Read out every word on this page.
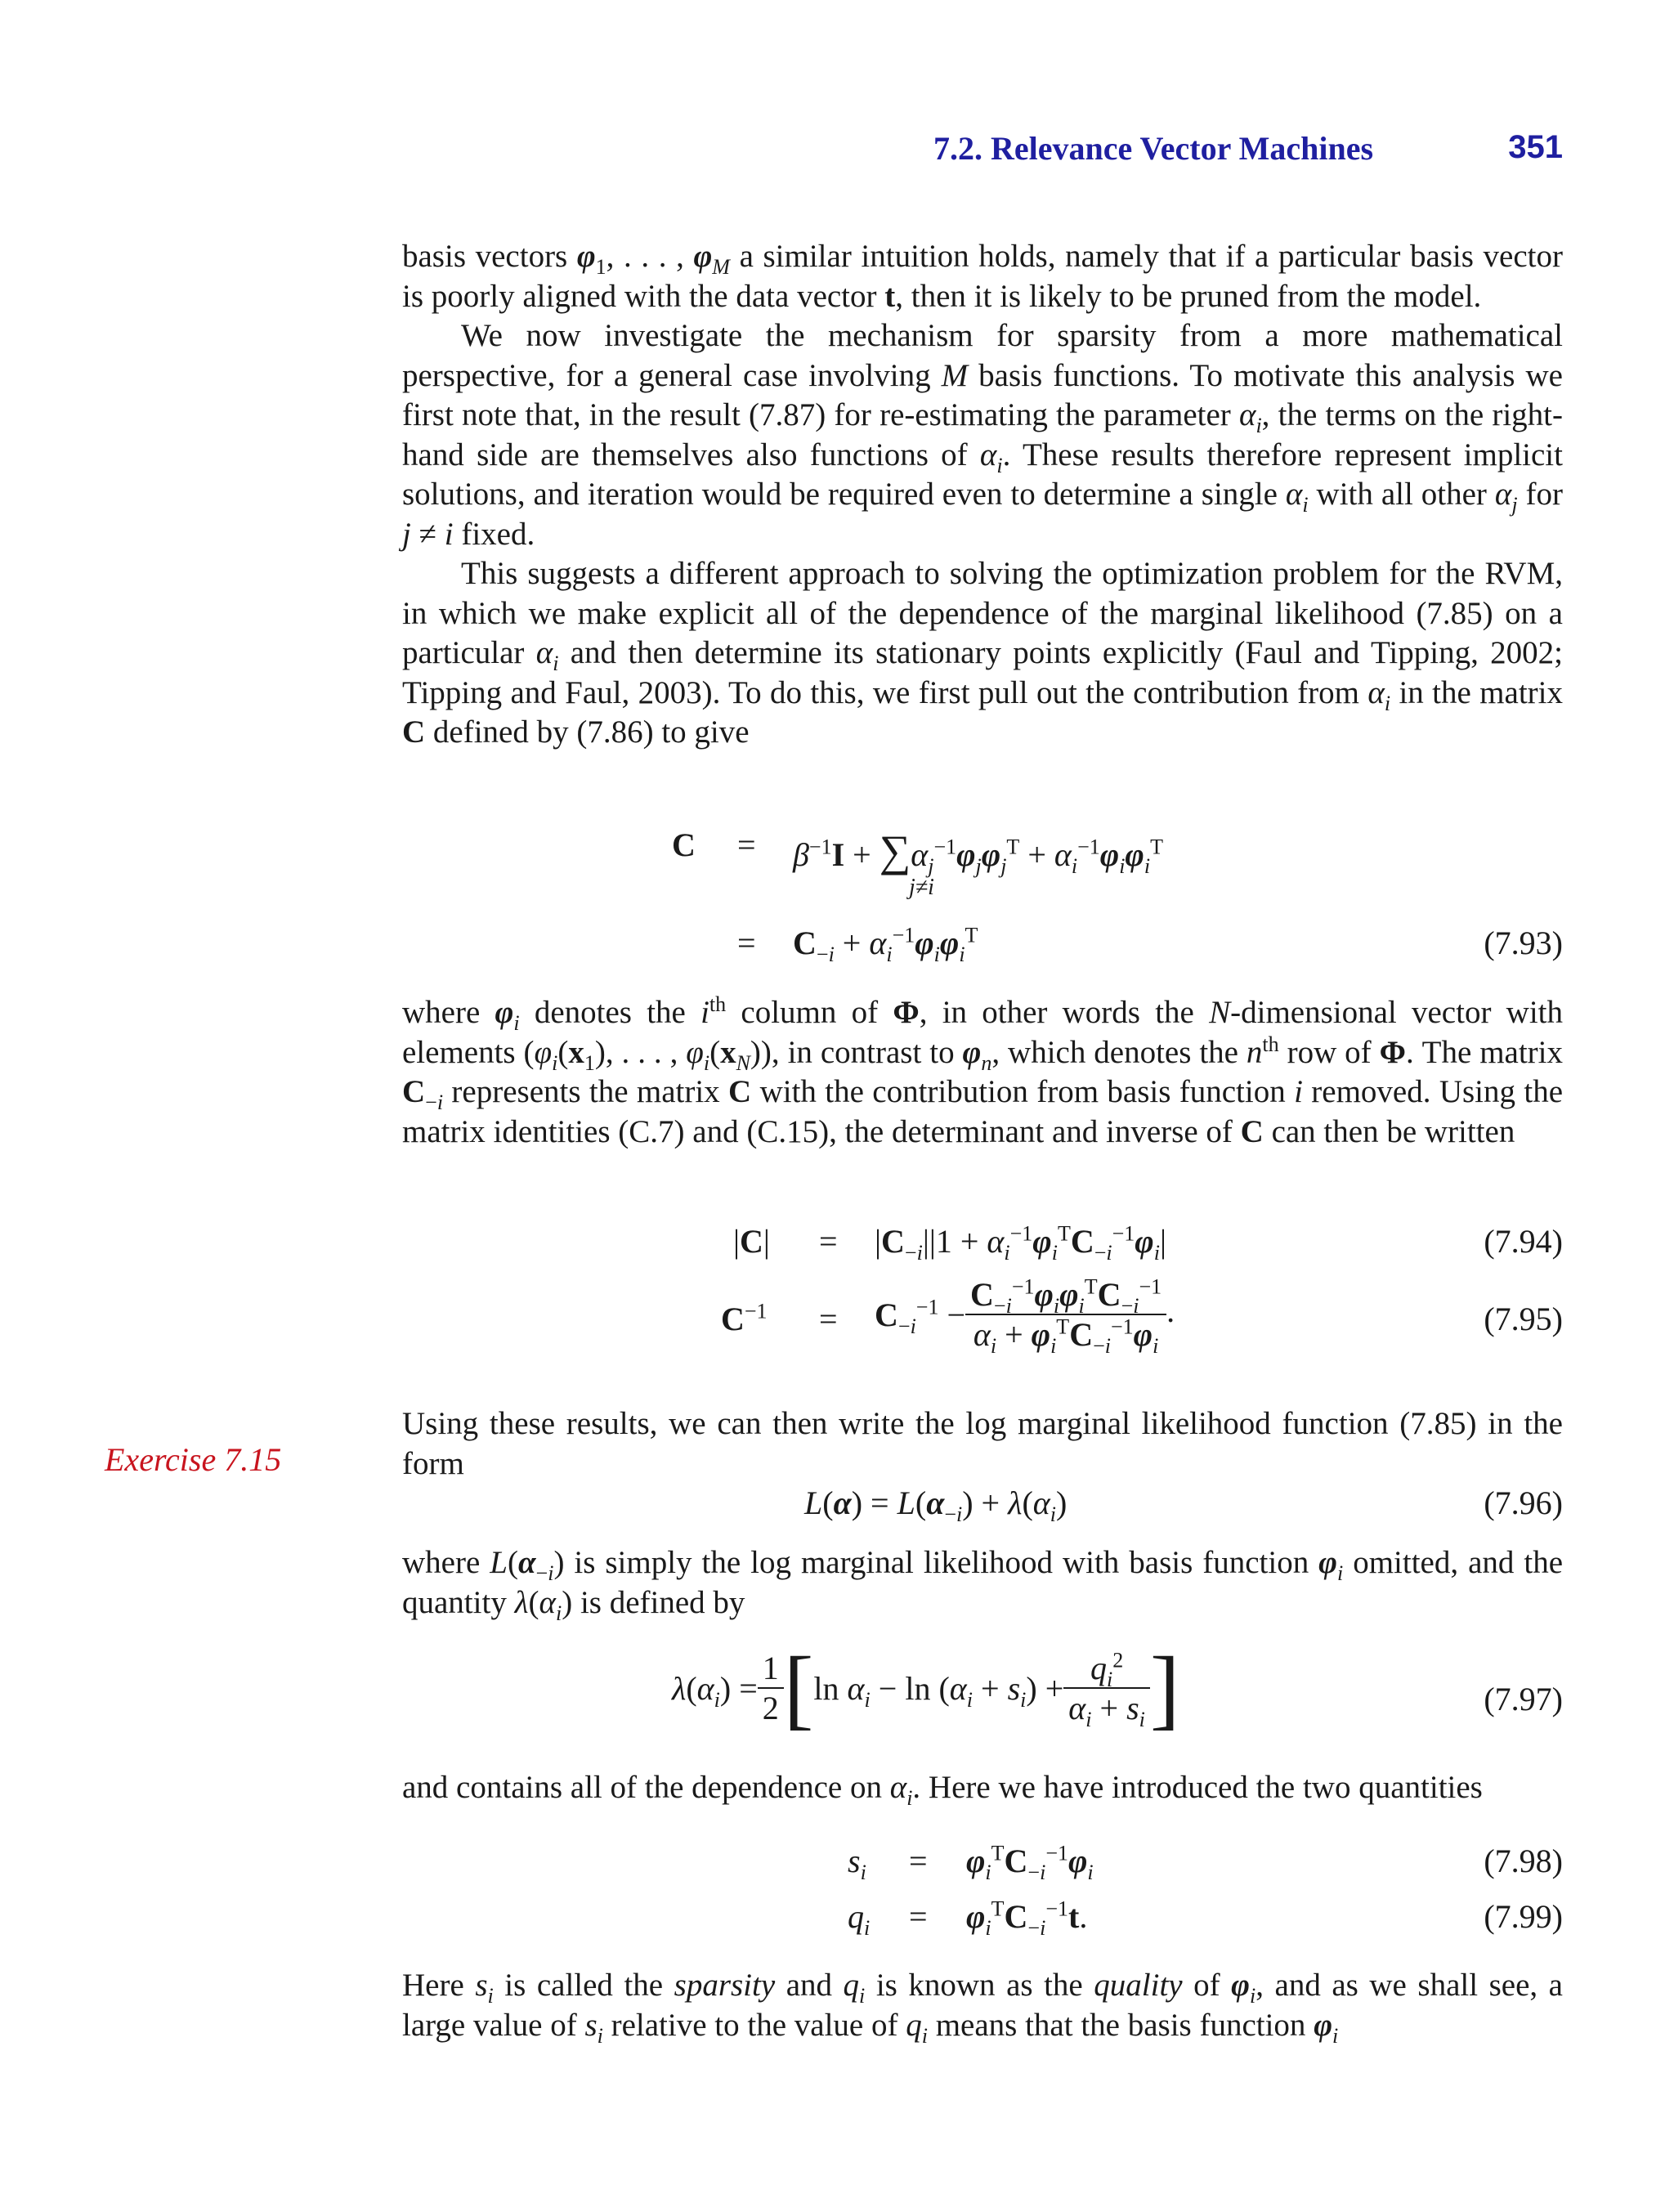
7.2. Relevance Vector Machines	351
Exercise 7.15

basis vectors $\varphi_1$, . . . , $\varphi_M$ a similar intuition holds, namely that if a particular basis vector is poorly aligned with the data vector t, then it is likely to be pruned from the model.

We now investigate the mechanism for sparsity from a more mathematical perspective, for a general case involving M basis functions. To motivate this analysis we first note that, in the result (7.87) for re-estimating the parameter $\alpha_i$, the terms on the right-hand side are themselves also functions of $\alpha_i$. These results therefore represent implicit solutions, and iteration would be required even to determine a single $\alpha_i$ with all other $\alpha_j$ for j ≠ i fixed.

This suggests a different approach to solving the optimization problem for the RVM, in which we make explicit all of the dependence of the marginal likelihood (7.85) on a particular $\alpha_i$ and then determine its stationary points explicitly (Faul and Tipping, 2002; Tipping and Faul, 2003). To do this, we first pull out the contribution from $\alpha_i$ in the matrix C defined by (7.86) to give

$C = \beta^{-1}I + \sum\alpha_j^{-1}\varphi_j\varphi_j^T + \alpha_i^{-1}\varphi_i\varphi_i^T$
j≠i
= $C_{-i} + \alpha_i^{-1}\varphi_i\varphi_i^T$	(7.93)

where $\varphi_i$ denotes the $i^{th}$ column of Φ, in other words the N-dimensional vector with elements ($\varphi_i(x_1)$, . . . , $\varphi_i(x_N)$), in contrast to $\varphi_n$, which denotes the $n^{th}$ row of Φ. The matrix $C_{-i}$ represents the matrix C with the contribution from basis function i removed. Using the matrix identities (C.7) and (C.15), the determinant and inverse of C can then be written

$|C| = |C_{-i}||1 + \alpha_i^{-1}\varphi_i^TC_{-i}^{-1}\varphi_i|$	(7.94)
$C^{-1} = C_{-i}^{-1} - \frac{C_{-i}^{-1}\varphi_i\varphi_i^TC_{-i}^{-1}}{\alpha_i + \varphi_i^TC_{-i}^{-1}\varphi_i}$ .	(7.95)

Using these results, we can then write the log marginal likelihood function (7.85) in the form

$L(\alpha) = L(\alpha_{-i}) + \lambda(\alpha_i)$	(7.96)

where $L(\alpha_{-i})$ is simply the log marginal likelihood with basis function $\varphi_i$ omitted, and the quantity $\lambda(\alpha_i)$ is defined by

$\lambda(\alpha_i) = \frac{1}{2} [\ln$ $\alpha_i - \ln (\alpha_i + s_i) + \frac{q_i^2}{\alpha_i + s_i}$ ]	(7.97)

and contains all of the dependence on $\alpha_i$. Here we have introduced the two quantities

$s_i = \varphi_i^TC_{-i}^{-1}\varphi_i$	(7.98)
$q_i = \varphi_i^TC_{-i}^{-1}t$.	(7.99)

Here $s_i$ is called the sparsity and $q_i$ is known as the quality of $\varphi_i$, and as we shall see, a large value of $s_i$ relative to the value of $q_i$ means that the basis function $\varphi_i$
